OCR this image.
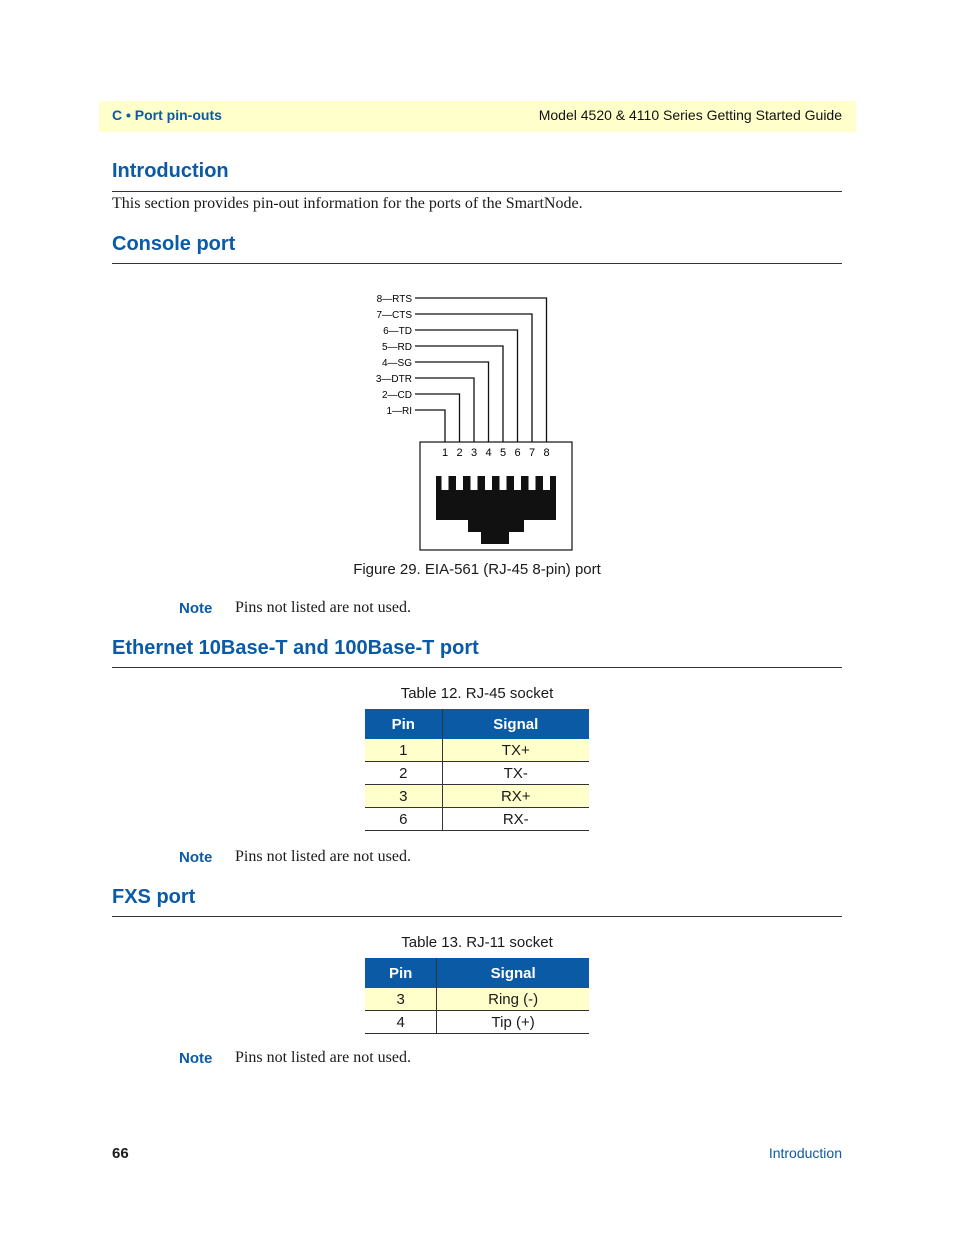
C • Port pin-outs	Model 4520 & 4110 Series Getting Started Guide
Introduction
This section provides pin-out information for the ports of the SmartNode.
Console port
8—RTS
7—CTS
6—TD
5—RD
4—SG
3—DTR
2—CD
1—RI
1 2 3 4 5 6 7 8
Figure 29. EIA-561 (RJ-45 8-pin) port
Note Pins not listed are not used.
Ethernet 10Base-T and 100Base-T port
Table 12. RJ-45 socket
Pin	Signal
1	TX+
2	TX-
3	RX+
6	RX-
Note Pins not listed are not used.
FXS port
Table 13. RJ-11 socket
Pin	Signal
3	Ring (-)
4	Tip (+)
Note Pins not listed are not used.
66	Introduction
